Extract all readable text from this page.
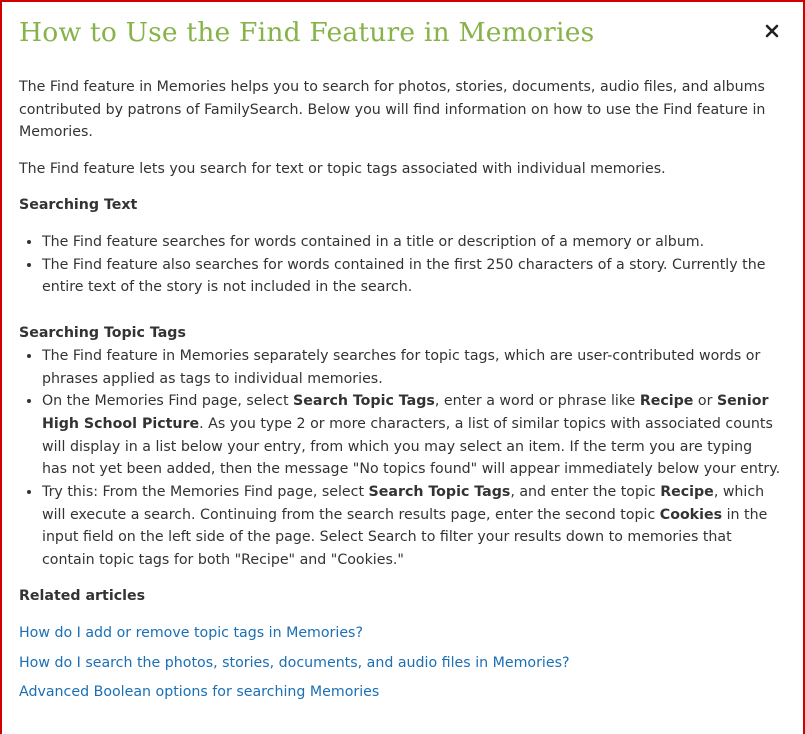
How to Use the Find Feature in Memories

The Find feature in Memories helps you to search for photos, stories, documents, audio files, and albums contributed by patrons of FamilySearch. Below you will find information on how to use the Find feature in Memories.

The Find feature lets you search for text or topic tags associated with individual memories.

Searching Text

• The Find feature searches for words contained in a title or description of a memory or album.
• The Find feature also searches for words contained in the first 250 characters of a story. Currently the entire text of the story is not included in the search.

Searching Topic Tags

• The Find feature in Memories separately searches for topic tags, which are user-contributed words or phrases applied as tags to individual memories.
• On the Memories Find page, select Search Topic Tags, enter a word or phrase like Recipe or Senior High School Picture. As you type 2 or more characters, a list of similar topics with associated counts will display in a list below your entry, from which you may select an item. If the term you are typing has not yet been added, then the message "No topics found" will appear immediately below your entry.
• Try this: From the Memories Find page, select Search Topic Tags, and enter the topic Recipe, which will execute a search. Continuing from the search results page, enter the second topic Cookies in the input field on the left side of the page. Select Search to filter your results down to memories that contain topic tags for both "Recipe" and "Cookies."

Related articles

How do I add or remove topic tags in Memories?
How do I search the photos, stories, documents, and audio files in Memories?
Advanced Boolean options for searching Memories
